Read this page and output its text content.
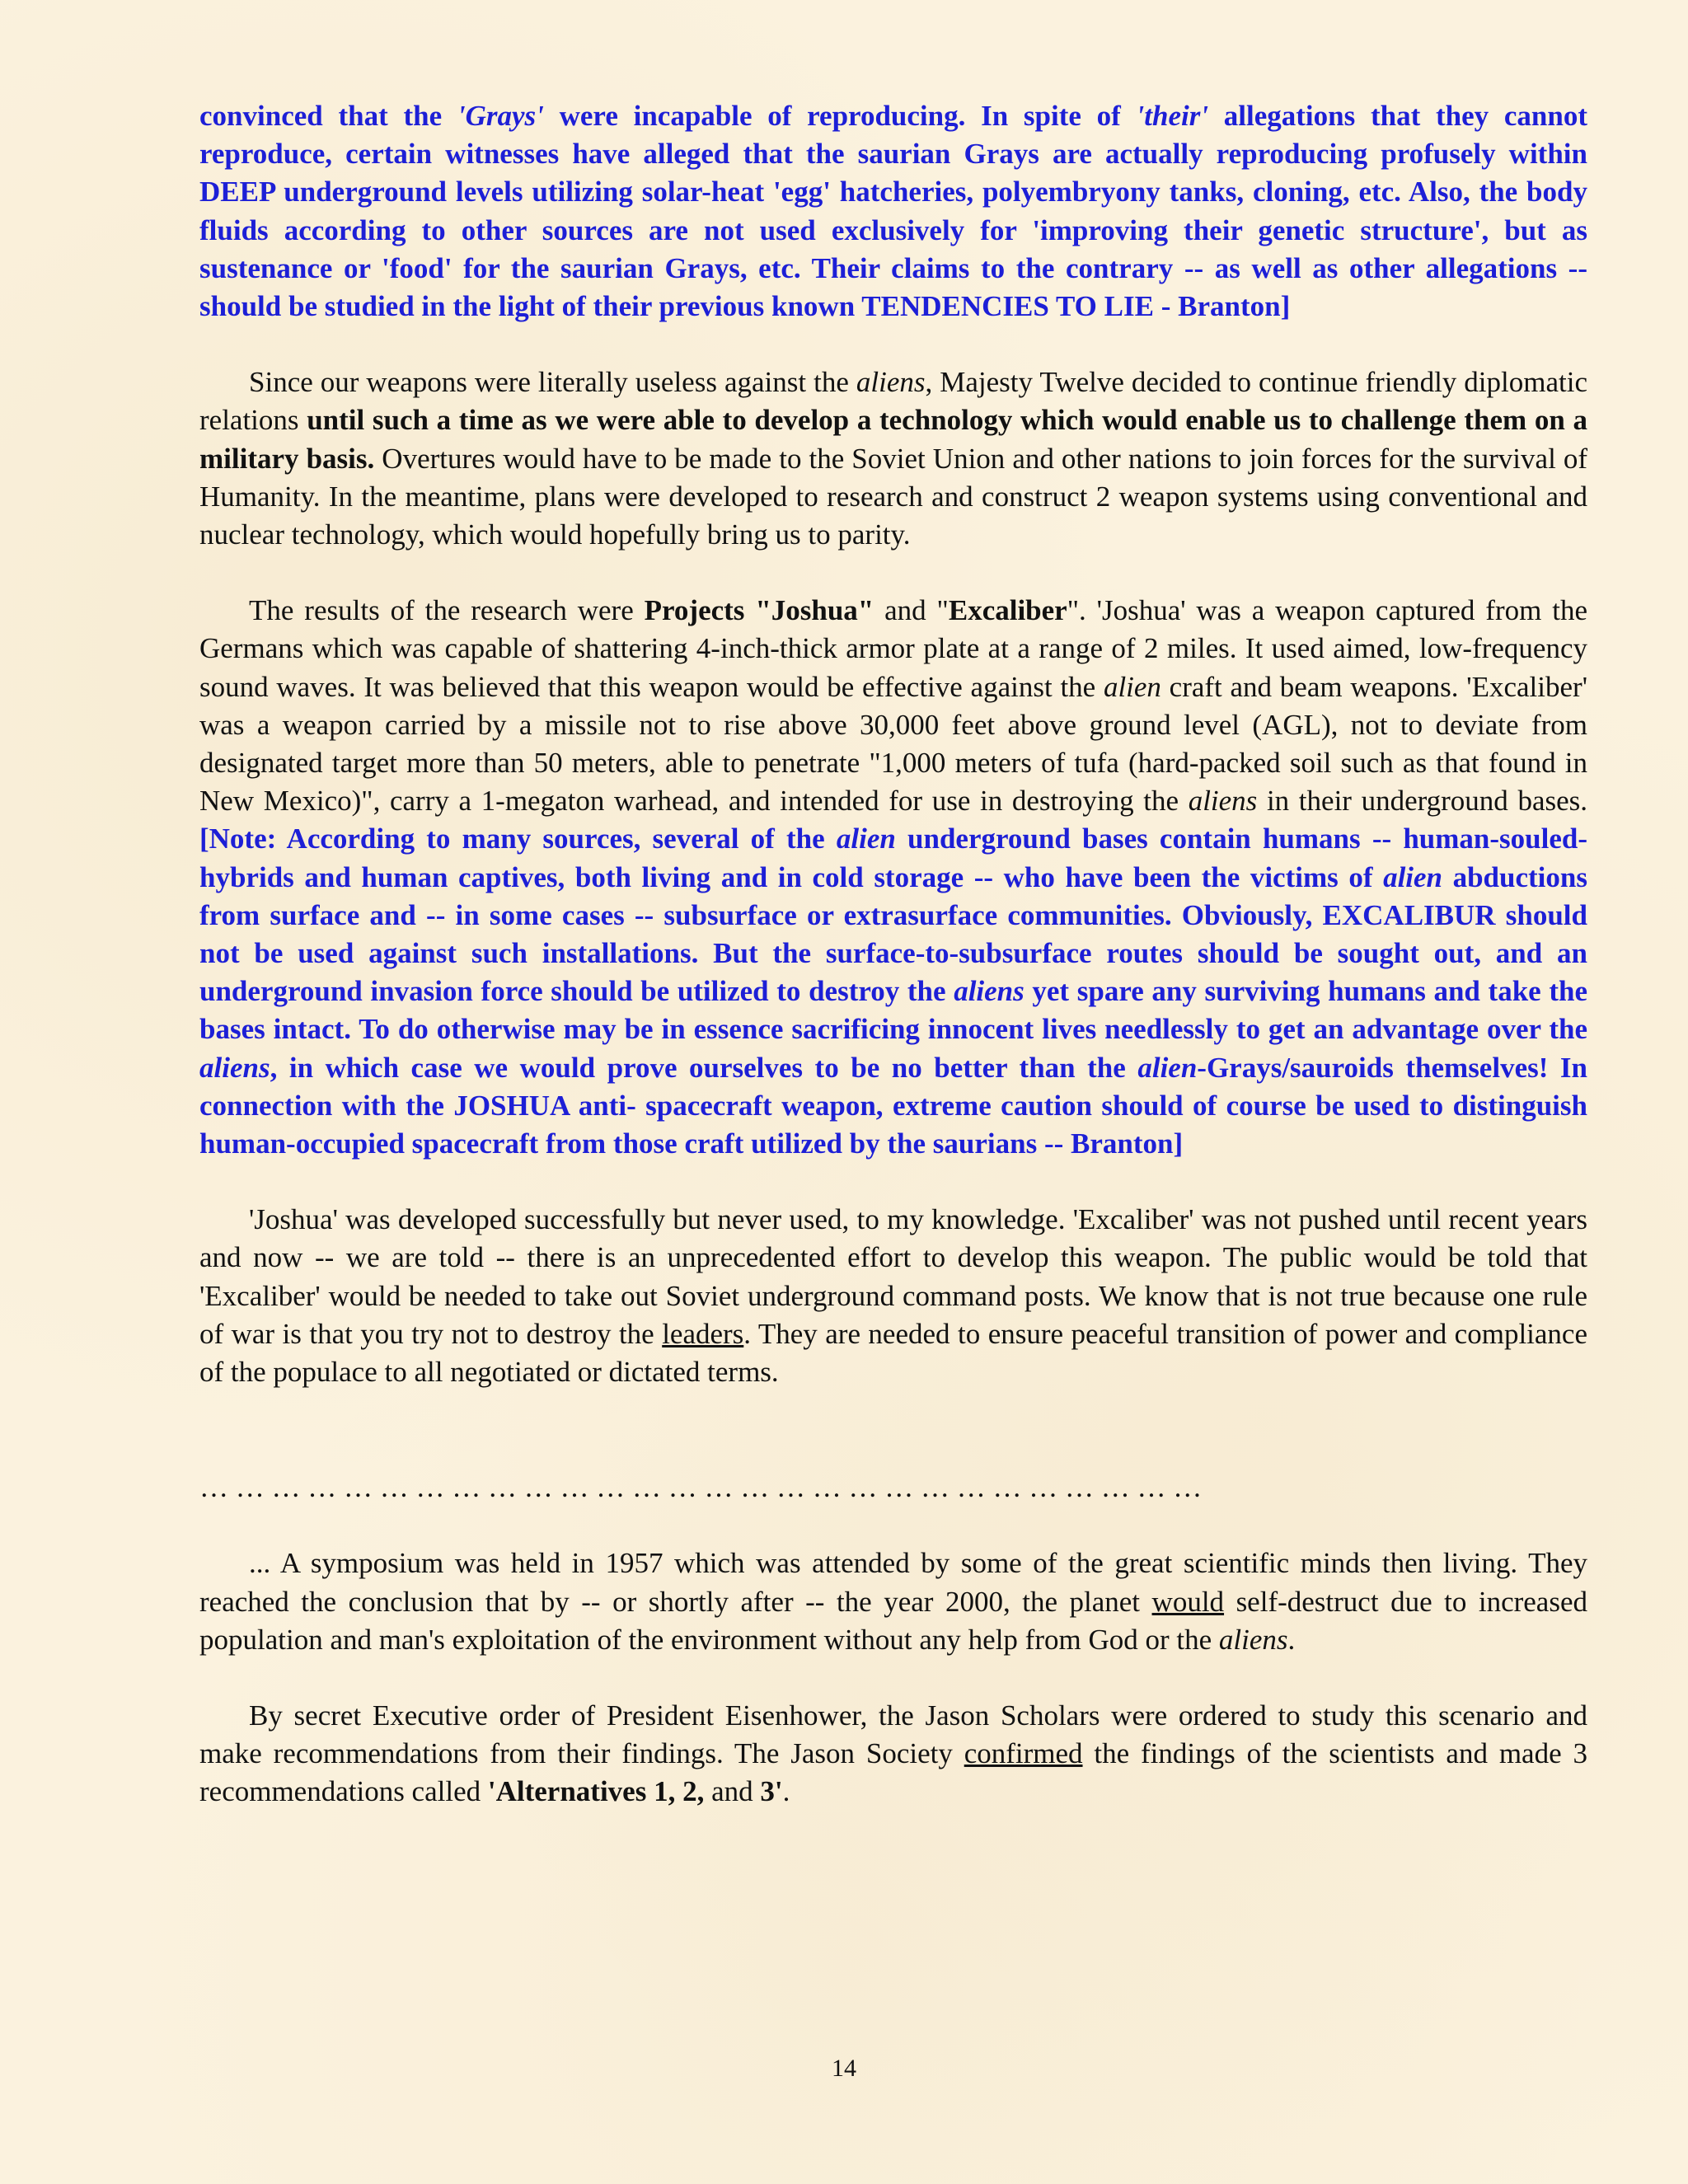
convinced that the 'Grays' were incapable of reproducing. In spite of 'their' allegations that they cannot reproduce, certain witnesses have alleged that the saurian Grays are actually reproducing profusely within DEEP underground levels utilizing solar-heat 'egg' hatcheries, polyembryony tanks, cloning, etc. Also, the body fluids according to other sources are not used exclusively for 'improving their genetic structure', but as sustenance or 'food' for the saurian Grays, etc. Their claims to the contrary -- as well as other allegations -- should be studied in the light of their previous known TENDENCIES TO LIE - Branton]

Since our weapons were literally useless against the aliens, Majesty Twelve decided to continue friendly diplomatic relations until such a time as we were able to develop a technology which would enable us to challenge them on a military basis. Overtures would have to be made to the Soviet Union and other nations to join forces for the survival of Humanity. In the meantime, plans were developed to research and construct 2 weapon systems using conventional and nuclear technology, which would hopefully bring us to parity.

The results of the research were Projects "Joshua" and "Excaliber". 'Joshua' was a weapon captured from the Germans which was capable of shattering 4-inch-thick armor plate at a range of 2 miles. It used aimed, low-frequency sound waves. It was believed that this weapon would be effective against the alien craft and beam weapons. 'Excaliber' was a weapon carried by a missile not to rise above 30,000 feet above ground level (AGL), not to deviate from designated target more than 50 meters, able to penetrate "1,000 meters of tufa (hard-packed soil such as that found in New Mexico)", carry a 1-megaton warhead, and intended for use in destroying the aliens in their underground bases. [Note: According to many sources, several of the alien underground bases contain humans -- human-souled-hybrids and human captives, both living and in cold storage -- who have been the victims of alien abductions from surface and -- in some cases -- subsurface or extrasurface communities. Obviously, EXCALIBUR should not be used against such installations. But the surface-to-subsurface routes should be sought out, and an underground invasion force should be utilized to destroy the aliens yet spare any surviving humans and take the bases intact. To do otherwise may be in essence sacrificing innocent lives needlessly to get an advantage over the aliens, in which case we would prove ourselves to be no better than the alien-Grays/sauroids themselves! In connection with the JOSHUA anti- spacecraft weapon, extreme caution should of course be used to distinguish human-occupied spacecraft from those craft utilized by the saurians -- Branton]

'Joshua' was developed successfully but never used, to my knowledge. 'Excaliber' was not pushed until recent years and now -- we are told -- there is an unprecedented effort to develop this weapon. The public would be told that 'Excaliber' would be needed to take out Soviet underground command posts. We know that is not true because one rule of war is that you try not to destroy the leaders. They are needed to ensure peaceful transition of power and compliance of the populace to all negotiated or dictated terms.

… … … … … … … … … … … … … … … … … … … … … … … … … … … …

... A symposium was held in 1957 which was attended by some of the great scientific minds then living. They reached the conclusion that by -- or shortly after -- the year 2000, the planet would self-destruct due to increased population and man's exploitation of the environment without any help from God or the aliens.

By secret Executive order of President Eisenhower, the Jason Scholars were ordered to study this scenario and make recommendations from their findings. The Jason Society confirmed the findings of the scientists and made 3 recommendations called 'Alternatives 1, 2, and 3'.

14
